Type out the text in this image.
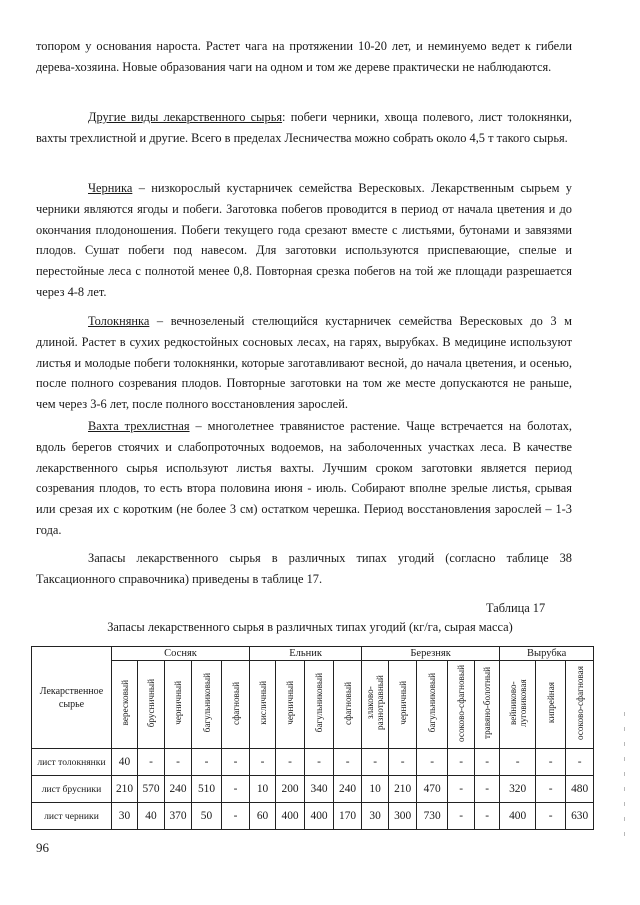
топором у основания нароста. Растет чага на протяжении 10-20 лет, и неминуемо ведет к гибели дерева-хозяина. Новые образования чаги на одном и том же дереве практически не наблюдаются.

Другие виды лекарственного сырья: побеги черники, хвоща полевого, лист толокнянки, вахты трехлистной и другие. Всего в пределах Лесничества можно собрать около 4,5 т такого сырья.

Черника – низкорослый кустарничек семейства Вересковых. Лекарственным сырьем у черники являются ягоды и побеги. Заготовка побегов проводится в период от начала цветения и до окончания плодоношения. Побеги текущего года срезают вместе с листьями, бутонами и завязями плодов. Сушат побеги под навесом. Для заготовки используются приспевающие, спелые и перестойные леса с полнотой менее 0,8. Повторная срезка побегов на той же площади разрешается через 4-8 лет.

Толокнянка – вечнозеленый стелющийся кустарничек семейства Вересковых до 3 м длиной. Растет в сухих редкостойных сосновых лесах, на гарях, вырубках. В медицине используют листья и молодые побеги толокнянки, которые заготавливают весной, до начала цветения, и осенью, после полного созревания плодов. Повторные заготовки на том же месте допускаются не раньше, чем через 3-6 лет, после полного восстановления зарослей.

Вахта трехлистная – многолетнее травянистое растение. Чаще встречается на болотах, вдоль берегов стоячих и слабопроточных водоемов, на заболоченных участках леса. В качестве лекарственного сырья используют листья вахты. Лучшим сроком заготовки является период созревания плодов, то есть втора половина июня - июль. Собирают вполне зрелые листья, срывая или срезая их с коротким (не более 3 см) остатком черешка. Период восстановления зарослей – 1-3 года.

Запасы лекарственного сырья в различных типах угодий (согласно таблице 38 Таксационного справочника) приведены в таблице 17.

Таблица 17
Запасы лекарственного сырья в различных типах угодий (кг/га, сырая масса)
Лекарственное сырье	Сосняк					Ельник				Березняк					Вырубка		
	вересковый	брусничный	черничный	багульниковый	сфагновый	кисличный	черничный	багульниковый	сфагновый	злаково-разнотравный	черничный	багульниковый	осоково-сфагновый	травяно-болотный	вейниково-луговиковая	кипрейная	осоково-сфагновая
лист толокнянки	40	-	-	-	-	-	-	-	-	-	-	-	-	-	-	-	-
лист брусники	210	570	240	510	-	10	200	340	240	10	210	470	-	-	320	-	480
лист черники	30	40	370	50	-	60	400	400	170	30	300	730	-	-	400	-	630
96
